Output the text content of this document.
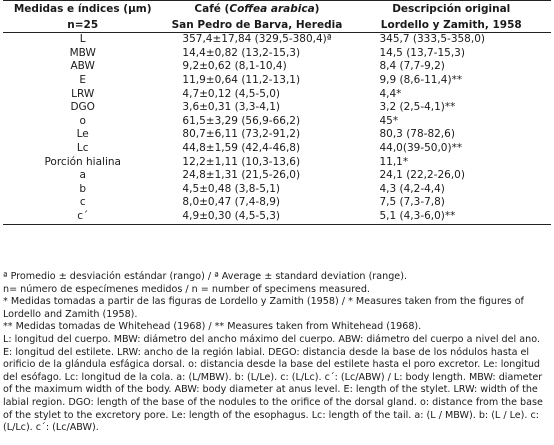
Medidas e índices (µm)	Café (Coffea arabica)	Descripción original
n=25	San Pedro de Barva, Heredia	Lordello y Zamith, 1958
L	357,4±17,84 (329,5-380,4)ª	345,7 (333,5-358,0)
MBW	14,4±0,82 (13,2-15,3)	14,5 (13,7-15,3)
ABW	9,2±0,62 (8,1-10,4)	8,4 (7,7-9,2)
E	11,9±0,64 (11,2-13,1)	9,9 (8,6-11,4)**
LRW	4,7±0,12 (4,5-5,0)	4,4*
DGO	3,6±0,31 (3,3-4,1)	3,2 (2,5-4,1)**
o	61,5±3,29 (56,9-66,2)	45*
Le	80,7±6,11 (73,2-91,2)	80,3 (78-82,6)
Lc	44,8±1,59 (42,4-46,8)	44,0(39-50,0)**
Porción hialina	12,2±1,11 (10,3-13,6)	11,1*
a	24,8±1,31 (21,5-26,0)	24,1 (22,2-26,0)
b	4,5±0,48 (3,8-5,1)	4,3 (4,2-4,4)
c	8,0±0,47 (7,4-8,9)	7,5 (7,3-7,8)
c´	4,9±0,30 (4,5-5,3)	5,1 (4,3-6,0)**

ª Promedio ± desviación estándar (rango) / ª Average ± standard deviation (range).

n= número de especímenes medidos / n = number of specimens measured.

* Medidas tomadas a partir de las figuras de Lordello y Zamith (1958) / * Measures taken from the figures of Lordello and Zamith (1958).

** Medidas tomadas de Whitehead (1968) / ** Measures taken from Whitehead (1968).

L: longitud del cuerpo. MBW: diámetro del ancho máximo del cuerpo. ABW: diámetro del cuerpo a nivel del ano. E: longitud del estilete. LRW: ancho de la región labial. DEGO: distancia desde la base de los nódulos hasta el orificio de la glándula esfágica dorsal. o: distancia desde la base del estilete hasta el poro excretor. Le: longitud del esófago. Lc: longitud de la cola. a: (L/MBW). b: (L/Le). c: (L/Lc). c´: (Lc/ABW) / L: body length. MBW: diameter of the maximum width of the body. ABW: body diameter at anus level. E: length of the stylet. LRW: width of the labial region. DGO: length of the base of the nodules to the orifice of the dorsal gland. o: distance from the base of the stylet to the excretory pore. Le: length of the esophagus. Lc: length of the tail. a: (L / MBW). b: (L / Le). c: (L/Lc). c´: (Lc/ABW).
